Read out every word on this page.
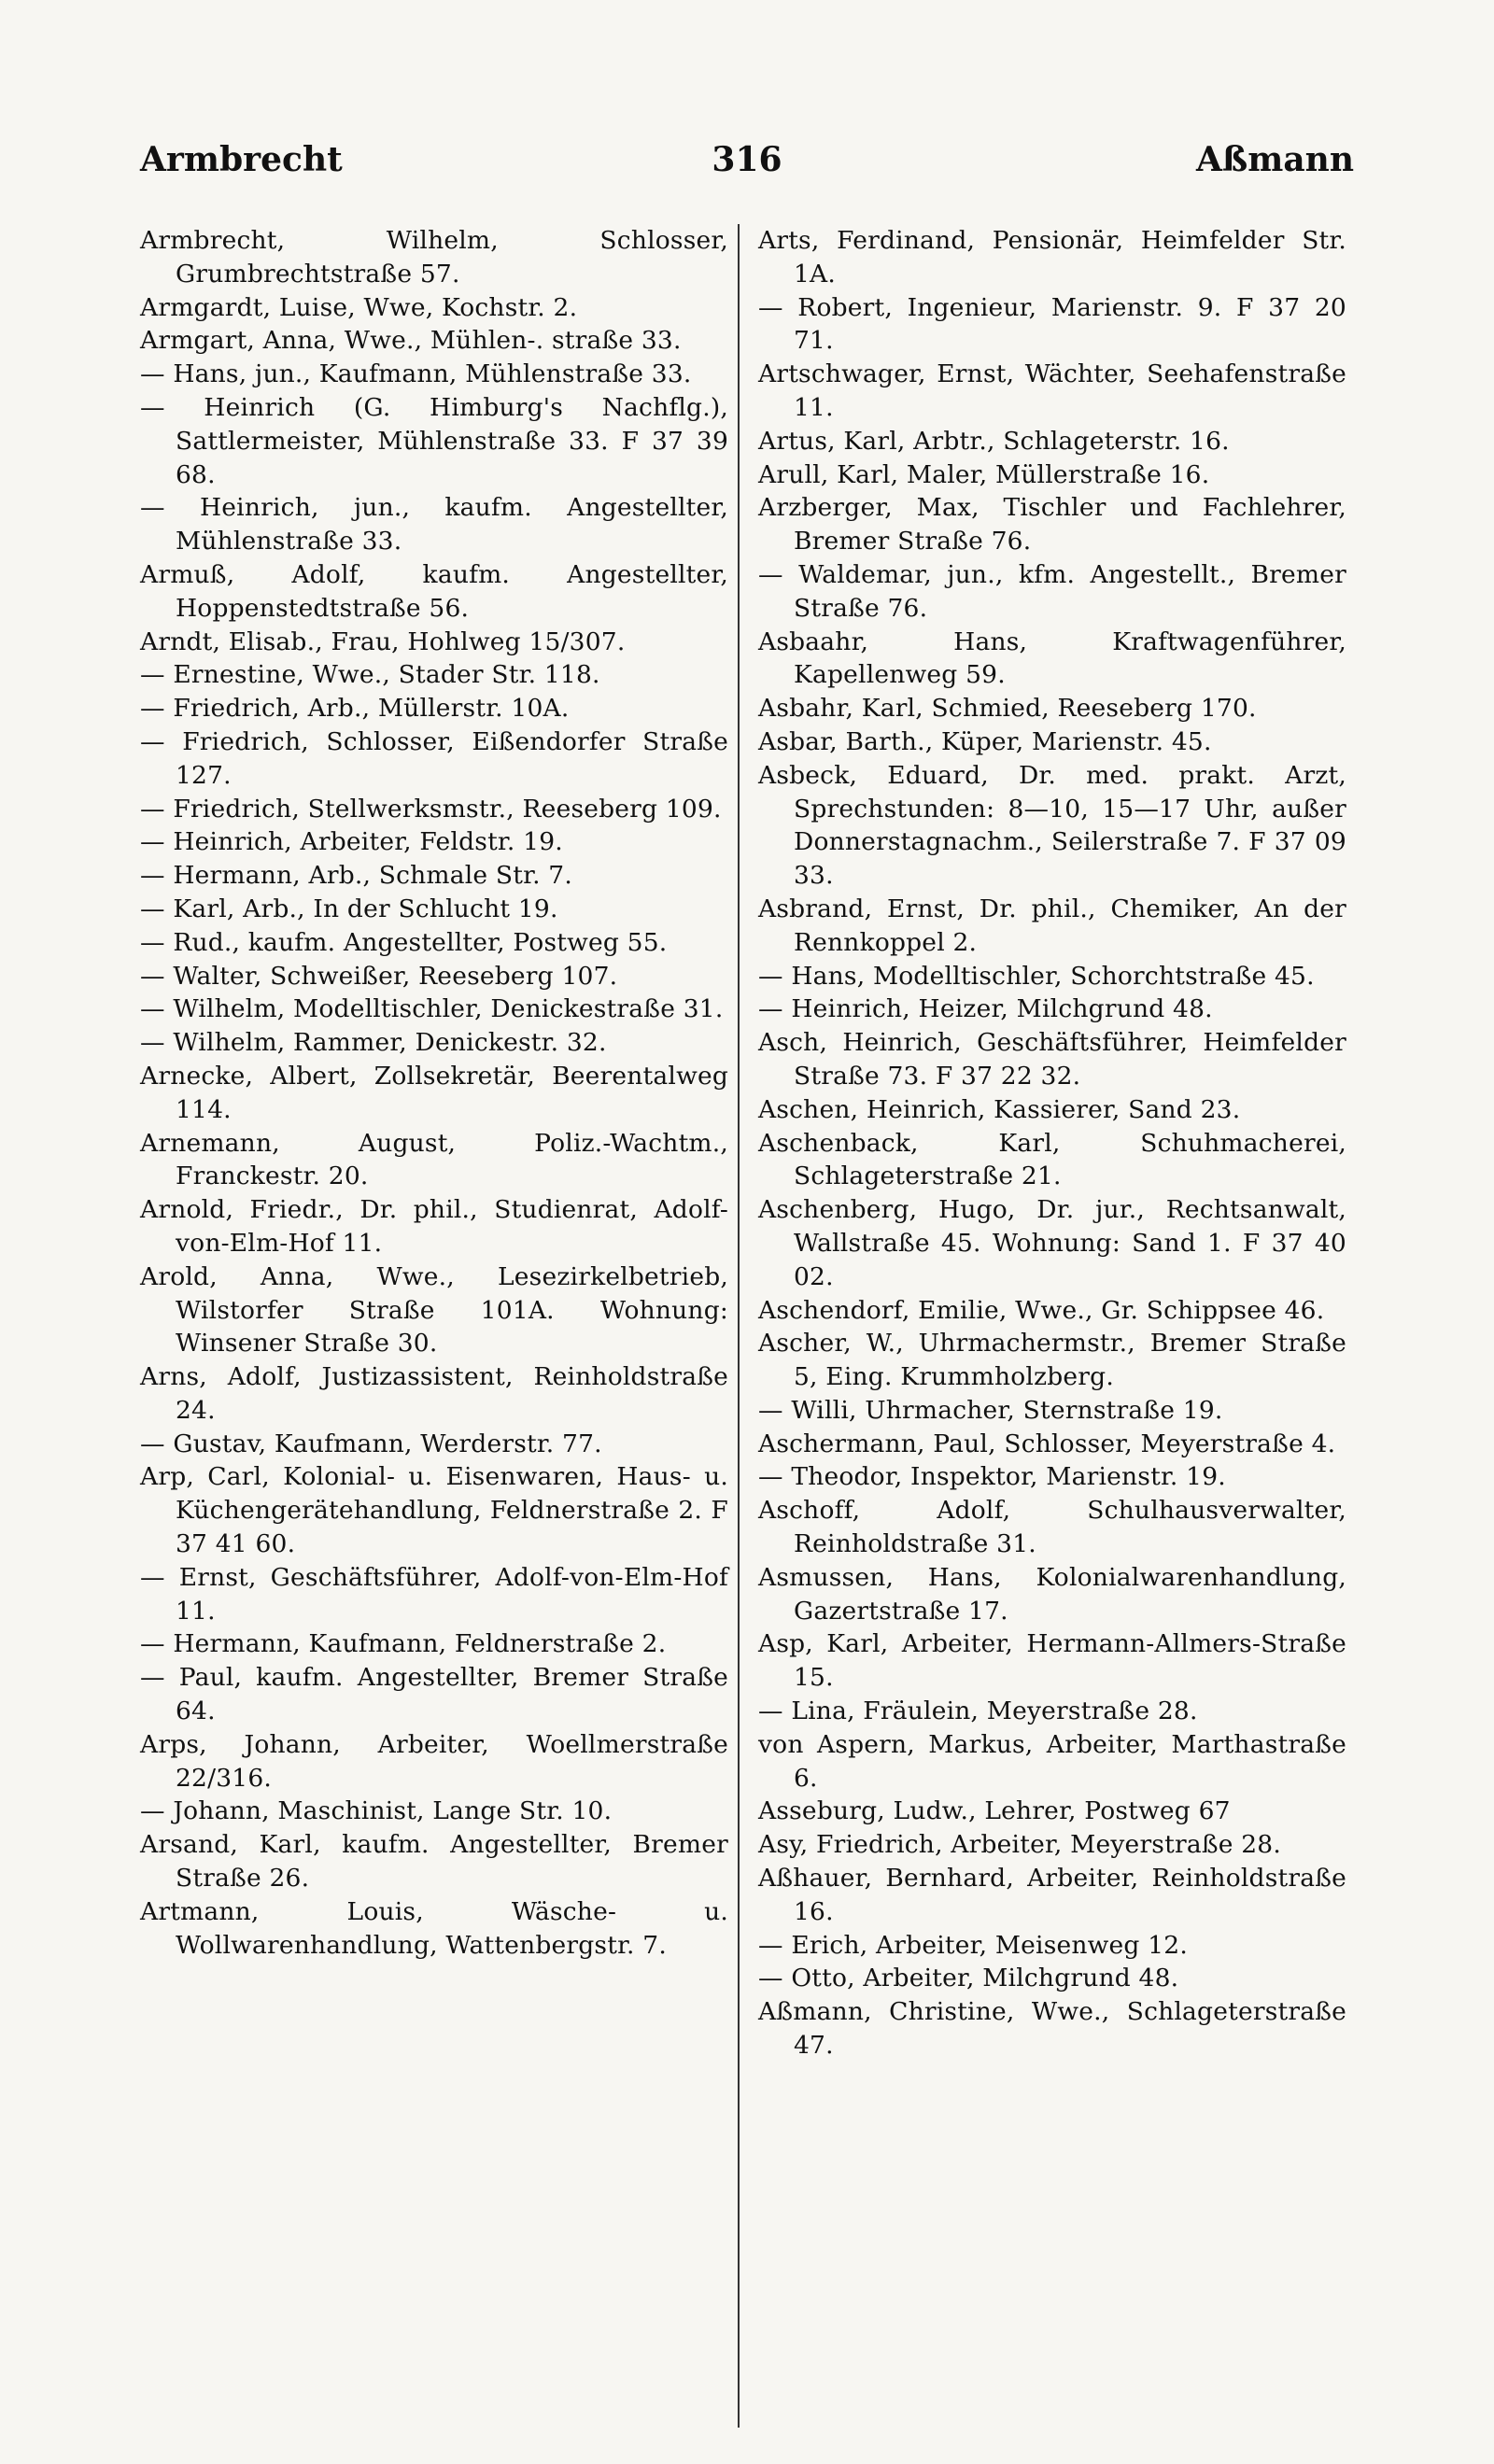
Armbrecht	316	Aßmann
Armbrecht, Wilhelm, Schlosser, Grumbrechtstraße 57.
Armgardt, Luise, Wwe, Kochstr. 2.
Armgart, Anna, Wwe., Mühlen-. straße 33.
— Hans, jun., Kaufmann, Mühlenstraße 33.
— Heinrich (G. Himburg's Nachflg.), Sattlermeister, Mühlenstraße 33. F 37 39 68.
— Heinrich, jun., kaufm. Angestellter, Mühlenstraße 33.
Armuß, Adolf, kaufm. Angestellter, Hoppenstedtstraße 56.
Arndt, Elisab., Frau, Hohlweg 15/307.
— Ernestine, Wwe., Stader Str. 118.
— Friedrich, Arb., Müllerstr. 10A.
— Friedrich, Schlosser, Eißendorfer Straße 127.
— Friedrich, Stellwerksmstr., Reeseberg 109.
— Heinrich, Arbeiter, Feldstr. 19.
— Hermann, Arb., Schmale Str. 7.
— Karl, Arb., In der Schlucht 19.
— Rud., kaufm. Angestellter, Postweg 55.
— Walter, Schweißer, Reeseberg 107.
— Wilhelm, Modelltischler, Denickestraße 31.
— Wilhelm, Rammer, Denickestr. 32.
Arnecke, Albert, Zollsekretär, Beerentalweg 114.
Arnemann, August, Poliz.-Wachtm., Franckestr. 20.
Arnold, Friedr., Dr. phil., Studienrat, Adolf-von-Elm-Hof 11.
Arold, Anna, Wwe., Lesezirkelbetrieb, Wilstorfer Straße 101A. Wohnung: Winsener Straße 30.
Arns, Adolf, Justizassistent, Reinholdstraße 24.
— Gustav, Kaufmann, Werderstr. 77.
Arp, Carl, Kolonial- u. Eisenwaren, Haus- u. Küchengerätehandlung, Feldnerstraße 2. F 37 41 60.
— Ernst, Geschäftsführer, Adolf-von-Elm-Hof 11.
— Hermann, Kaufmann, Feldnerstraße 2.
— Paul, kaufm. Angestellter, Bremer Straße 64.
Arps, Johann, Arbeiter, Woellmerstraße 22/316.
— Johann, Maschinist, Lange Str. 10.
Arsand, Karl, kaufm. Angestellter, Bremer Straße 26.
Artmann, Louis, Wäsche- u. Wollwarenhandlung, Wattenbergstr. 7.
Arts, Ferdinand, Pensionär, Heimfelder Str. 1A.
— Robert, Ingenieur, Marienstr. 9. F 37 20 71.
Artschwager, Ernst, Wächter, Seehafenstraße 11.
Artus, Karl, Arbtr., Schlageterstr. 16.
Arull, Karl, Maler, Müllerstraße 16.
Arzberger, Max, Tischler und Fachlehrer, Bremer Straße 76.
— Waldemar, jun., kfm. Angestellt., Bremer Straße 76.
Asbaahr, Hans, Kraftwagenführer, Kapellenweg 59.
Asbahr, Karl, Schmied, Reeseberg 170.
Asbar, Barth., Küper, Marienstr. 45.
Asbeck, Eduard, Dr. med. prakt. Arzt, Sprechstunden: 8—10, 15—17 Uhr, außer Donnerstagnachm., Seilerstraße 7. F 37 09 33.
Asbrand, Ernst, Dr. phil., Chemiker, An der Rennkoppel 2.
— Hans, Modelltischler, Schorchtstraße 45.
— Heinrich, Heizer, Milchgrund 48.
Asch, Heinrich, Geschäftsführer, Heimfelder Straße 73. F 37 22 32.
Aschen, Heinrich, Kassierer, Sand 23.
Aschenback, Karl, Schuhmacherei, Schlageterstraße 21.
Aschenberg, Hugo, Dr. jur., Rechtsanwalt, Wallstraße 45. Wohnung: Sand 1. F 37 40 02.
Aschendorf, Emilie, Wwe., Gr. Schippsee 46.
Ascher, W., Uhrmachermstr., Bremer Straße 5, Eing. Krummholzberg.
— Willi, Uhrmacher, Sternstraße 19.
Aschermann, Paul, Schlosser, Meyerstraße 4.
— Theodor, Inspektor, Marienstr. 19.
Aschoff, Adolf, Schulhausverwalter, Reinholdstraße 31.
Asmussen, Hans, Kolonialwarenhandlung, Gazertstraße 17.
Asp, Karl, Arbeiter, Hermann-Allmers-Straße 15.
— Lina, Fräulein, Meyerstraße 28.
von Aspern, Markus, Arbeiter, Marthastraße 6.
Asseburg, Ludw., Lehrer, Postweg 67
Asy, Friedrich, Arbeiter, Meyerstraße 28.
Aßhauer, Bernhard, Arbeiter, Reinholdstraße 16.
— Erich, Arbeiter, Meisenweg 12.
— Otto, Arbeiter, Milchgrund 48.
Aßmann, Christine, Wwe., Schlageterstraße 47.
